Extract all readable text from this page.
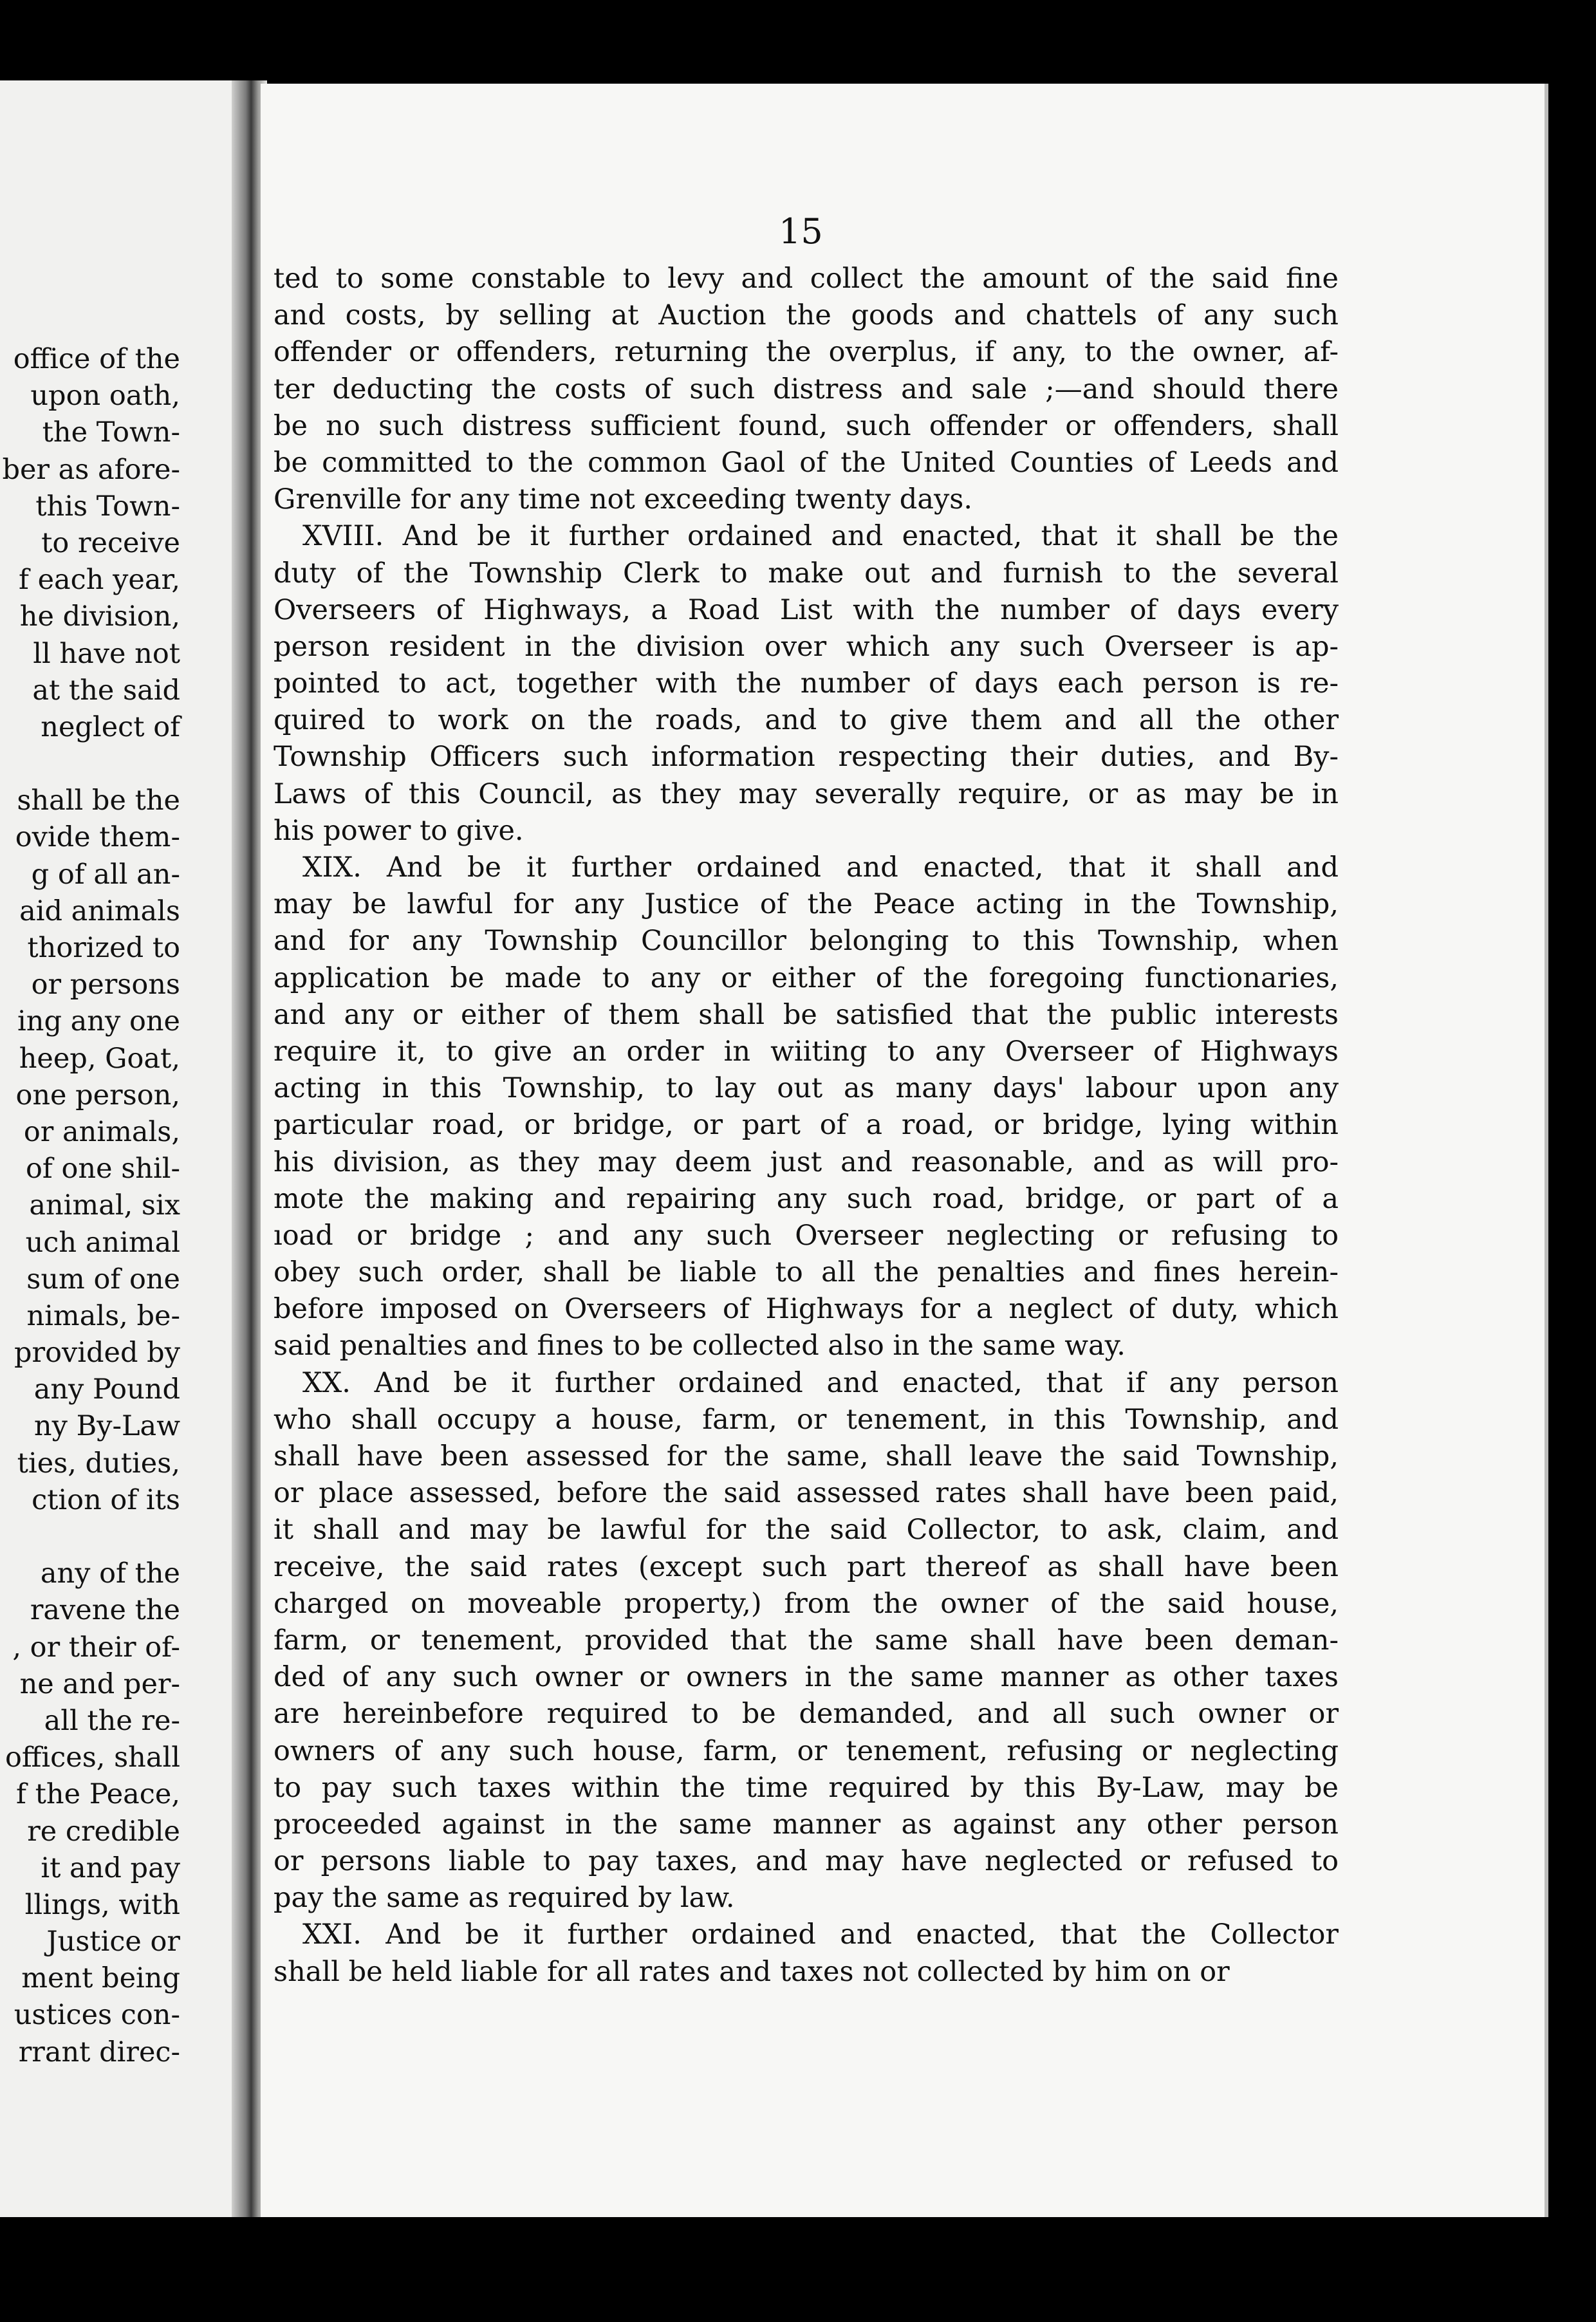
office of the
upon oath,
the Town-
ber as afore-
this Town-
to receive
f each year,
he division,
ll have not
at the said
neglect of
shall be the
ovide them-
g of all an-
aid animals
thorized to
or persons
ing any one
heep, Goat,
one person,
or animals,
of one shil-
animal, six
uch animal
sum of one
nimals, be-
provided by
any Pound
ny By-Law
ties, duties,
ction of its
any of the
ravene the
, or their of-
ne and per-
all the re-
offices, shall
f the Peace,
re credible
it and pay
llings, with
Justice or
ment being
ustices con-
rrant direc-
15
ted to some constable to levy and collect the amount of the said fine
and costs, by selling at Auction the goods and chattels of any such
offender or offenders, returning the overplus, if any, to the owner, af-
ter deducting the costs of such distress and sale ;—and should there
be no such distress sufficient found, such offender or offenders, shall
be committed to the common Gaol of the United Counties of Leeds and
Grenville for any time not exceeding twenty days.
XVIII. And be it further ordained and enacted, that it shall be the
duty of the Township Clerk to make out and furnish to the several
Overseers of Highways, a Road List with the number of days every
person resident in the division over which any such Overseer is ap-
pointed to act, together with the number of days each person is re-
quired to work on the roads, and to give them and all the other
Township Officers such information respecting their duties, and By-
Laws of this Council, as they may severally require, or as may be in
his power to give.
XIX. And be it further ordained and enacted, that it shall and
may be lawful for any Justice of the Peace acting in the Township,
and for any Township Councillor belonging to this Township, when
application be made to any or either of the foregoing functionaries,
and any or either of them shall be satisfied that the public interests
require it, to give an order in wiiting to any Overseer of Highways
acting in this Township, to lay out as many days' labour upon any
particular road, or bridge, or part of a road, or bridge, lying within
his division, as they may deem just and reasonable, and as will pro-
mote the making and repairing any such road, bridge, or part of a
ıoad or bridge ; and any such Overseer neglecting or refusing to
obey such order, shall be liable to all the penalties and fines herein-
before imposed on Overseers of Highways for a neglect of duty, which
said penalties and fines to be collected also in the same way.
XX. And be it further ordained and enacted, that if any person
who shall occupy a house, farm, or tenement, in this Township, and
shall have been assessed for the same, shall leave the said Township,
or place assessed, before the said assessed rates shall have been paid,
it shall and may be lawful for the said Collector, to ask, claim, and
receive, the said rates (except such part thereof as shall have been
charged on moveable property,) from the owner of the said house,
farm, or tenement, provided that the same shall have been deman-
ded of any such owner or owners in the same manner as other taxes
are hereinbefore required to be demanded, and all such owner or
owners of any such house, farm, or tenement, refusing or neglecting
to pay such taxes within the time required by this By-Law, may be
proceeded against in the same manner as against any other person
or persons liable to pay taxes, and may have neglected or refused to
pay the same as required by law.
XXI. And be it further ordained and enacted, that the Collector
shall be held liable for all rates and taxes not collected by him on or
